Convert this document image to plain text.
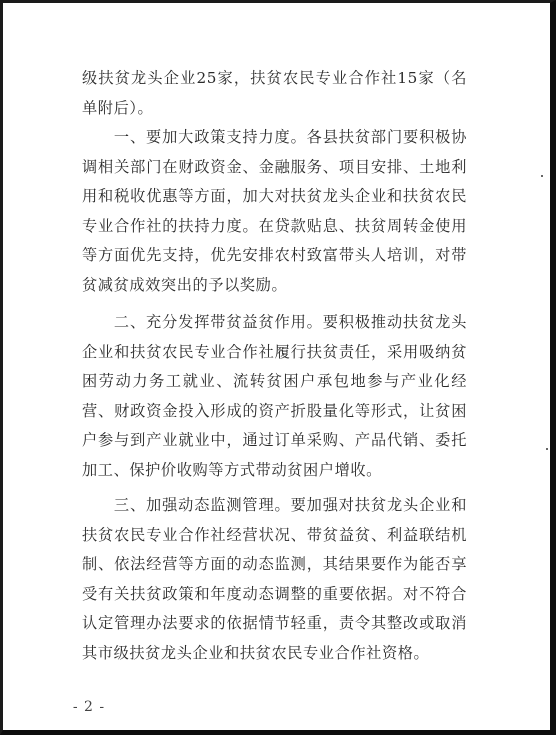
级扶贫龙头企业25家，扶贫农民专业合作社15家（名单附后）。

一、要加大政策支持力度。各县扶贫部门要积极协调相关部门在财政资金、金融服务、项目安排、土地利用和税收优惠等方面，加大对扶贫龙头企业和扶贫农民专业合作社的扶持力度。在贷款贴息、扶贫周转金使用等方面优先支持，优先安排农村致富带头人培训，对带贫减贫成效突出的予以奖励。

二、充分发挥带贫益贫作用。要积极推动扶贫龙头企业和扶贫农民专业合作社履行扶贫责任，采用吸纳贫困劳动力务工就业、流转贫困户承包地参与产业化经营、财政资金投入形成的资产折股量化等形式，让贫困户参与到产业就业中，通过订单采购、产品代销、委托加工、保护价收购等方式带动贫困户增收。

三、加强动态监测管理。要加强对扶贫龙头企业和扶贫农民专业合作社经营状况、带贫益贫、利益联结机制、依法经营等方面的动态监测，其结果要作为能否享受有关扶贫政策和年度动态调整的重要依据。对不符合认定管理办法要求的依据情节轻重，责令其整改或取消其市级扶贫龙头企业和扶贫农民专业合作社资格。

- 2 -
